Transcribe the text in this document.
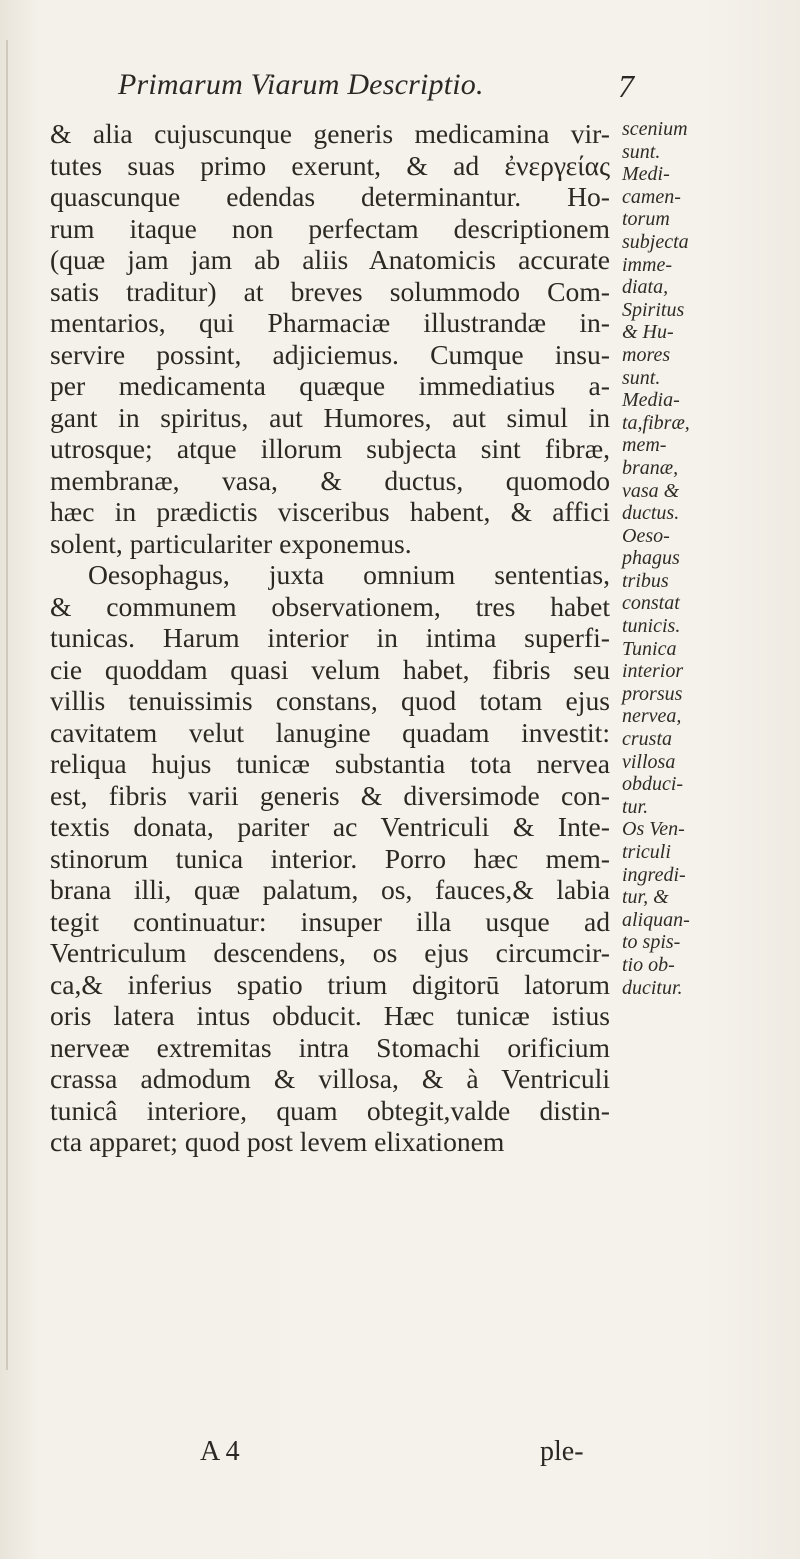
Primarum Viarum Descriptio.	7
& alia cujuscunque generis medicamina vir-
tutes suas primo exerunt, & ad ἐνεργείας
quascunque edendas determinantur. Ho-
rum itaque non perfectam descriptionem
(quæ jam jam ab aliis Anatomicis accurate
satis traditur) at breves solummodo Com-
mentarios, qui Pharmaciæ illustrandæ in-
servire possint, adjiciemus. Cumque insu-
per medicamenta quæque immediatius a-
gant in spiritus, aut Humores, aut simul in
utrosque; atque illorum subjecta sint fibræ,
membranæ, vasa, & ductus, quomodo
hæc in prædictis visceribus habent, & affici
solent, particulariter exponemus.
Oesophagus, juxta omnium sententias,
& communem observationem, tres habet
tunicas. Harum interior in intima superfi-
cie quoddam quasi velum habet, fibris seu
villis tenuissimis constans, quod totam ejus
cavitatem velut lanugine quadam investit:
reliqua hujus tunicæ substantia tota nervea
est, fibris varii generis & diversimode con-
textis donata, pariter ac Ventriculi & Inte-
stinorum tunica interior. Porro hæc mem-
brana illi, quæ palatum, os, fauces,& labia
tegit continuatur: insuper illa usque ad
Ventriculum descendens, os ejus circumcir-
ca,& inferius spatio trium digitorū latorum
oris latera intus obducit. Hæc tunicæ istius
nerveæ extremitas intra Stomachi orificium
crassa admodum & villosa, & à Ventriculi
tunicâ interiore, quam obtegit,valde distin-
cta apparet; quod post levem elixationem
scenium
sunt.
Medi-
camen-
torum
subjecta
imme-
diata,
Spiritus
& Hu-
mores
sunt.
Media-
ta,fibræ,
mem-
branæ,
vasa &
ductus.
Oeso-
phagus
tribus
constat
tunicis.
Tunica
interior
prorsus
nervea,
crusta
villosa
obduci-
tur.
Os Ven-
triculi
ingredi-
tur, &
aliquan-
to spis-
tio ob-
ducitur.
A 4	ple-
